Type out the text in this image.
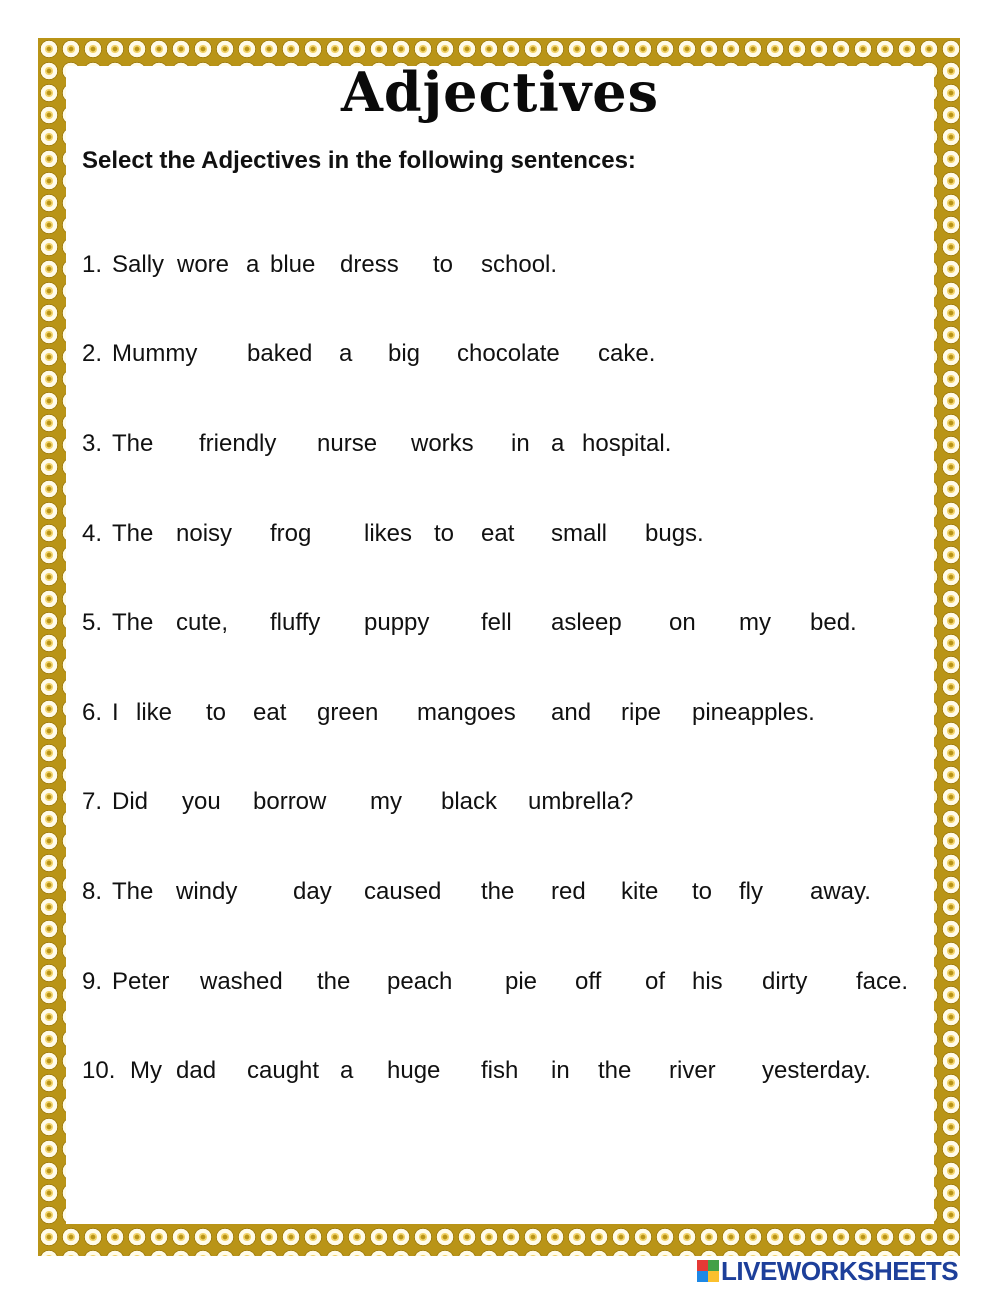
Adjectives
Select the Adjectives in the following sentences:
1. Sally wore a blue dress to school.
2. Mummy baked a big chocolate cake.
3. The friendly nurse works in a hospital.
4. The noisy frog likes to eat small bugs.
5. The cute, fluffy puppy fell asleep on my bed.
6. I like to eat green mangoes and ripe pineapples.
7. Did you borrow my black umbrella?
8. The windy day caused the red kite to fly away.
9. Peter washed the peach pie off of his dirty face.
10. My dad caught a huge fish in the river yesterday.
LIVEWORKSHEETS
